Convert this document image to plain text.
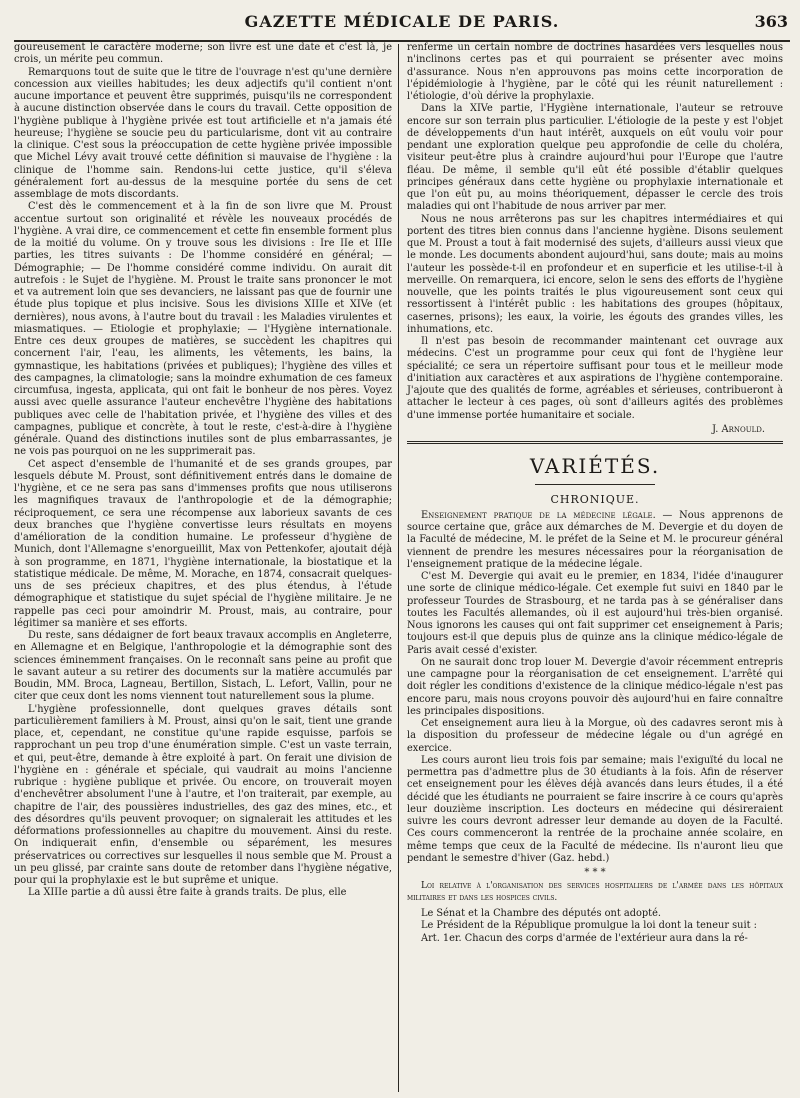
GAZETTE MÉDICALE DE PARIS.	363

goureusement le caractère moderne; son livre est une date et c'est là, je crois, un mérite peu commun.

Remarquons tout de suite que le titre de l'ouvrage n'est qu'une dernière concession aux vieilles habitudes; les deux adjectifs qu'il contient n'ont aucune importance et peuvent être supprimés, puisqu'ils ne correspondent à aucune distinction observée dans le cours du travail. Cette opposition de l'hygiène publique à l'hygiène privée est tout artificielle et n'a jamais été heureuse; l'hygiène se soucie peu du particularisme, dont vit au contraire la clinique. C'est sous la préoccupation de cette hygiène privée impossible que Michel Lévy avait trouvé cette définition si mauvaise de l'hygiène : la clinique de l'homme sain. Rendons-lui cette justice, qu'il s'éleva généralement fort au-dessus de la mesquine portée du sens de cet assemblage de mots discordants.

C'est dès le commencement et à la fin de son livre que M. Proust accentue surtout son originalité et révèle les nouveaux procédés de l'hygiène. A vrai dire, ce commencement et cette fin ensemble forment plus de la moitié du volume. On y trouve sous les divisions : Ire IIe et IIIe parties, les titres suivants : De l'homme considéré en général; — Démographie; — De l'homme considéré comme individu. On aurait dit autrefois : le Sujet de l'hygiène. M. Proust le traite sans prononcer le mot et va autrement loin que ses devanciers, ne laissant pas que de fournir une étude plus topique et plus incisive. Sous les divisions XIIIe et XIVe (et dernières), nous avons, à l'autre bout du travail : les Maladies virulentes et miasmatiques. — Etiologie et prophylaxie; — l'Hygiène internationale. Entre ces deux groupes de matières, se succèdent les chapitres qui concernent l'air, l'eau, les aliments, les vêtements, les bains, la gymnastique, les habitations (privées et publiques); l'hygiène des villes et des campagnes, la climatologie; sans la moindre exhumation de ces fameux circumfusa, ingesta, applicata, qui ont fait le bonheur de nos pères. Voyez aussi avec quelle assurance l'auteur enchevêtre l'hygiène des habitations publiques avec celle de l'habitation privée, et l'hygiène des villes et des campagnes, publique et concrète, à tout le reste, c'est-à-dire à l'hygiène générale. Quand des distinctions inutiles sont de plus embarrassantes, je ne vois pas pourquoi on ne les supprimerait pas.

Cet aspect d'ensemble de l'humanité et de ses grands groupes, par lesquels débute M. Proust, sont définitivement entrés dans le domaine de l'hygiène, et ce ne sera pas sans d'immenses profits que nous utiliserons les magnifiques travaux de l'anthropologie et de la démographie; réciproquement, ce sera une récompense aux laborieux savants de ces deux branches que l'hygiène convertisse leurs résultats en moyens d'amélioration de la condition humaine. Le professeur d'hygiène de Munich, dont l'Allemagne s'enorgueillit, Max von Pettenkofer, ajoutait déjà à son programme, en 1871, l'hygiène internationale, la biostatique et la statistique médicale. De même, M. Morache, en 1874, consacrait quelques-uns de ses précieux chapitres, et des plus étendus, à l'étude démographique et statistique du sujet spécial de l'hygiène militaire. Je ne rappelle pas ceci pour amoindrir M. Proust, mais, au contraire, pour légitimer sa manière et ses efforts.

Du reste, sans dédaigner de fort beaux travaux accomplis en Angleterre, en Allemagne et en Belgique, l'anthropologie et la démographie sont des sciences éminemment françaises. On le reconnaît sans peine au profit que le savant auteur a su retirer des documents sur la matière accumulés par Boudin, MM. Broca, Lagneau, Bertillon, Sistach, L. Lefort, Vallin, pour ne citer que ceux dont les noms viennent tout naturellement sous la plume.

L'hygiène professionnelle, dont quelques graves détails sont particulièrement familiers à M. Proust, ainsi qu'on le sait, tient une grande place, et, cependant, ne constitue qu'une rapide esquisse, parfois se rapprochant un peu trop d'une énumération simple. C'est un vaste terrain, et qui, peut-être, demande à être exploité à part. On ferait une division de l'hygiène en : générale et spéciale, qui vaudrait au moins l'ancienne rubrique : hygiène publique et privée. Ou encore, on trouverait moyen d'enchevêtrer absolument l'une à l'autre, et l'on traiterait, par exemple, au chapitre de l'air, des poussières industrielles, des gaz des mines, etc., et des désordres qu'ils peuvent provoquer; on signalerait les attitudes et les déformations professionnelles au chapitre du mouvement. Ainsi du reste. On indiquerait enfin, d'ensemble ou séparément, les mesures préservatrices ou correctives sur lesquelles il nous semble que M. Proust a un peu glissé, par crainte sans doute de retomber dans l'hygiène négative, pour qui la prophylaxie est le but suprême et unique.

La XIIIe partie a dû aussi être faite à grands traits. De plus, elle

renferme un certain nombre de doctrines hasardées vers lesquelles nous n'inclinons certes pas et qui pourraient se présenter avec moins d'assurance. Nous n'en approuvons pas moins cette incorporation de l'épidémiologie à l'hygiène, par le côté qui les réunit naturellement : l'étiologie, d'où dérive la prophylaxie.

Dans la XIVe partie, l'Hygiène internationale, l'auteur se retrouve encore sur son terrain plus particulier. L'étiologie de la peste y est l'objet de développements d'un haut intérêt, auxquels on eût voulu voir pour pendant une exploration quelque peu approfondie de celle du choléra, visiteur peut-être plus à craindre aujourd'hui pour l'Europe que l'autre fléau. De même, il semble qu'il eût été possible d'établir quelques principes généraux dans cette hygiène ou prophylaxie internationale et que l'on eût pu, au moins théoriquement, dépasser le cercle des trois maladies qui ont l'habitude de nous arriver par mer.

Nous ne nous arrêterons pas sur les chapitres intermédiaires et qui portent des titres bien connus dans l'ancienne hygiène. Disons seulement que M. Proust a tout à fait modernisé des sujets, d'ailleurs aussi vieux que le monde. Les documents abondent aujourd'hui, sans doute; mais au moins l'auteur les possède-t-il en profondeur et en superficie et les utilise-t-il à merveille. On remarquera, ici encore, selon le sens des efforts de l'hygiène nouvelle, que les points traités le plus vigoureusement sont ceux qui ressortissent à l'intérêt public : les habitations des groupes (hôpitaux, casernes, prisons); les eaux, la voirie, les égouts des grandes villes, les inhumations, etc.

Il n'est pas besoin de recommander maintenant cet ouvrage aux médecins. C'est un programme pour ceux qui font de l'hygiène leur spécialité; ce sera un répertoire suffisant pour tous et le meilleur mode d'initiation aux caractères et aux aspirations de l'hygiène contemporaine. J'ajoute que des qualités de forme, agréables et sérieuses, contribueront à attacher le lecteur à ces pages, où sont d'ailleurs agités des problèmes d'une immense portée humanitaire et sociale.

J. Arnould.
VARIÉTÉS.
CHRONIQUE.

Enseignement pratique de la médecine légale. — Nous apprenons de source certaine que, grâce aux démarches de M. Devergie et du doyen de la Faculté de médecine, M. le préfet de la Seine et M. le procureur général viennent de prendre les mesures nécessaires pour la réorganisation de l'enseignement pratique de la médecine légale.

C'est M. Devergie qui avait eu le premier, en 1834, l'idée d'inaugurer une sorte de clinique médico-légale. Cet exemple fut suivi en 1840 par le professeur Tourdes de Strasbourg, et ne tarda pas à se généraliser dans toutes les Facultés allemandes, où il est aujourd'hui très-bien organisé. Nous ignorons les causes qui ont fait supprimer cet enseignement à Paris; toujours est-il que depuis plus de quinze ans la clinique médico-légale de Paris avait cessé d'exister.

On ne saurait donc trop louer M. Devergie d'avoir récemment entrepris une campagne pour la réorganisation de cet enseignement. L'arrêté qui doit régler les conditions d'existence de la clinique médico-légale n'est pas encore paru, mais nous croyons pouvoir dès aujourd'hui en faire connaître les principales dispositions.

Cet enseignement aura lieu à la Morgue, où des cadavres seront mis à la disposition du professeur de médecine légale ou d'un agrégé en exercice.

Les cours auront lieu trois fois par semaine; mais l'exiguïté du local ne permettra pas d'admettre plus de 30 étudiants à la fois. Afin de réserver cet enseignement pour les élèves déjà avancés dans leurs études, il a été décidé que les étudiants ne pourraient se faire inscrire à ce cours qu'après leur douzième inscription. Les docteurs en médecine qui désireraient suivre les cours devront adresser leur demande au doyen de la Faculté. Ces cours commenceront la rentrée de la prochaine année scolaire, en même temps que ceux de la Faculté de médecine. Ils n'auront lieu que pendant le semestre d'hiver (Gaz. hebd.)

* * *
Loi relative à l'organisation des services hospitaliers de l'armée dans les hôpitaux militaires et dans les hospices civils.

Le Sénat et la Chambre des députés ont adopté.

Le Président de la République promulgue la loi dont la teneur suit :

Art. 1er. Chacun des corps d'armée de l'extérieur aura dans la ré-
